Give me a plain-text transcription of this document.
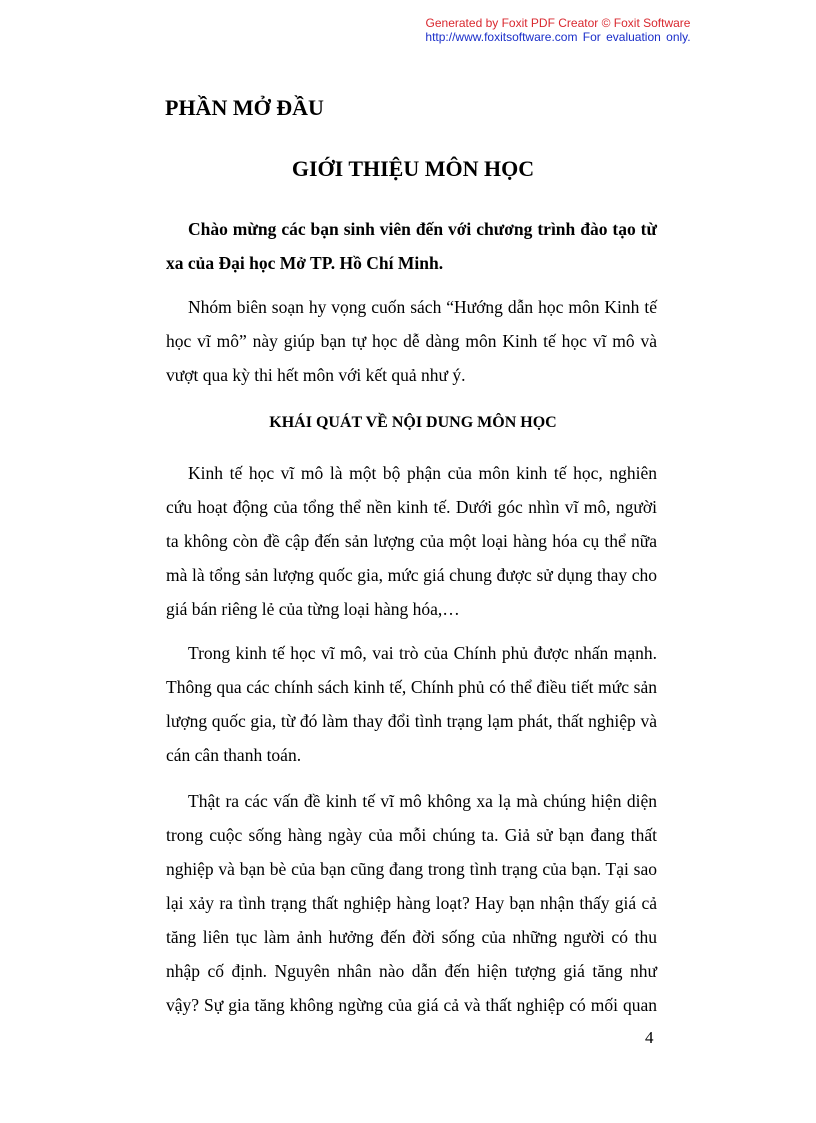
Generated by Foxit PDF Creator © Foxit Software
http://www.foxitsoftware.com For evaluation only.
PHẦN MỞ ĐẦU
GIỚI THIỆU MÔN HỌC

Chào mừng các bạn sinh viên đến với chương trình đào tạo từ
xa của Đại học Mở TP. Hồ Chí Minh.

Nhóm biên soạn hy vọng cuốn sách “Hướng dẫn học môn Kinh tế
học vĩ mô” này giúp bạn tự học dễ dàng môn Kinh tế học vĩ mô và
vượt qua kỳ thi hết môn với kết quả như ý.

KHÁI QUÁT VỀ NỘI DUNG MÔN HỌC

Kinh tế học vĩ mô là một bộ phận của môn kinh tế học, nghiên
cứu hoạt động của tổng thể nền kinh tế. Dưới góc nhìn vĩ mô, người
ta không còn đề cập đến sản lượng của một loại hàng hóa cụ thể nữa
mà là tổng sản lượng quốc gia, mức giá chung được sử dụng thay cho
giá bán riêng lẻ của từng loại hàng hóa,…

Trong kinh tế học vĩ mô, vai trò của Chính phủ được nhấn mạnh.
Thông qua các chính sách kinh tế, Chính phủ có thể điều tiết mức sản
lượng quốc gia, từ đó làm thay đổi tình trạng lạm phát, thất nghiệp và
cán cân thanh toán.

Thật ra các vấn đề kinh tế vĩ mô không xa lạ mà chúng hiện diện
trong cuộc sống hàng ngày của mỗi chúng ta. Giả sử bạn đang thất
nghiệp và bạn bè của bạn cũng đang trong tình trạng của bạn. Tại sao
lại xảy ra tình trạng thất nghiệp hàng loạt? Hay bạn nhận thấy giá cả
tăng liên tục làm ảnh hưởng đến đời sống của những người có thu
nhập cố định. Nguyên nhân nào dẫn đến hiện tượng giá tăng như
vậy? Sự gia tăng không ngừng của giá cả và thất nghiệp có mối quan

4
